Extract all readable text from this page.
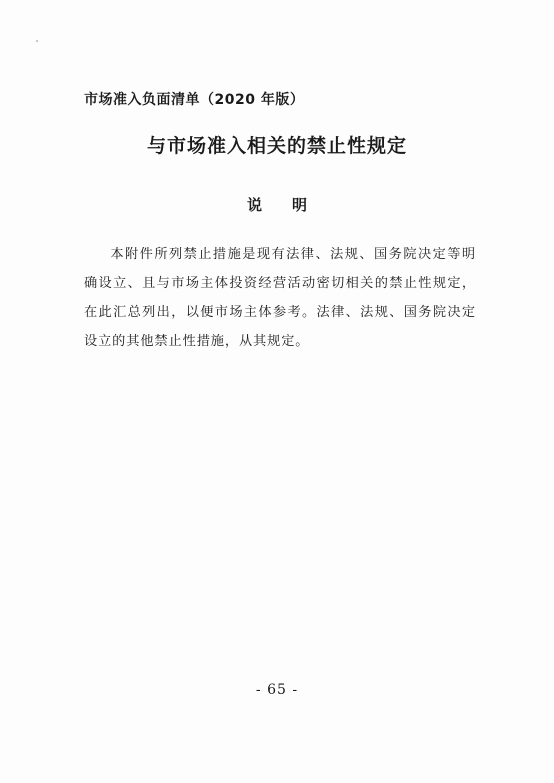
市场准入负面清单（2020 年版）
与市场准入相关的禁止性规定
说明
本附件所列禁止措施是现有法律、法规、国务院决定等明确设立、且与市场主体投资经营活动密切相关的禁止性规定，在此汇总列出，以便市场主体参考。法律、法规、国务院决定设立的其他禁止性措施，从其规定。
- 65 -
